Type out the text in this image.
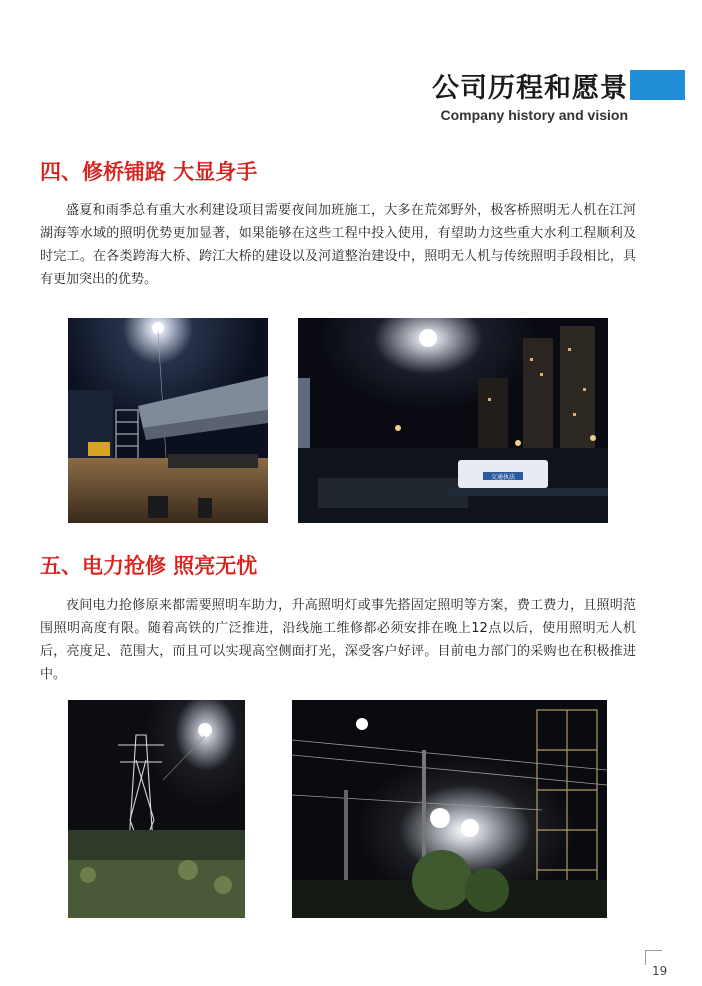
公司历程和愿景
Company history and vision
四、修桥铺路 大显身手
盛夏和雨季总有重大水利建设项目需要夜间加班施工，大多在荒郊野外，极客桥照明无人机在江河湖海等水域的照明优势更加显著，如果能够在这些工程中投入使用，有望助力这些重大水利工程顺利及时完工。在各类跨海大桥、跨江大桥的建设以及河道整治建设中，照明无人机与传统照明手段相比，具有更加突出的优势。
交通执法
五、电力抢修 照亮无忧
夜间电力抢修原来都需要照明车助力，升高照明灯或事先搭固定照明等方案，费工费力，且照明范围照明高度有限。随着高铁的广泛推进，沿线施工维修都必须安排在晚上12点以后，使用照明无人机后，亮度足、范围大，而且可以实现高空侧面打光，深受客户好评。目前电力部门的采购也在积极推进中。
19
